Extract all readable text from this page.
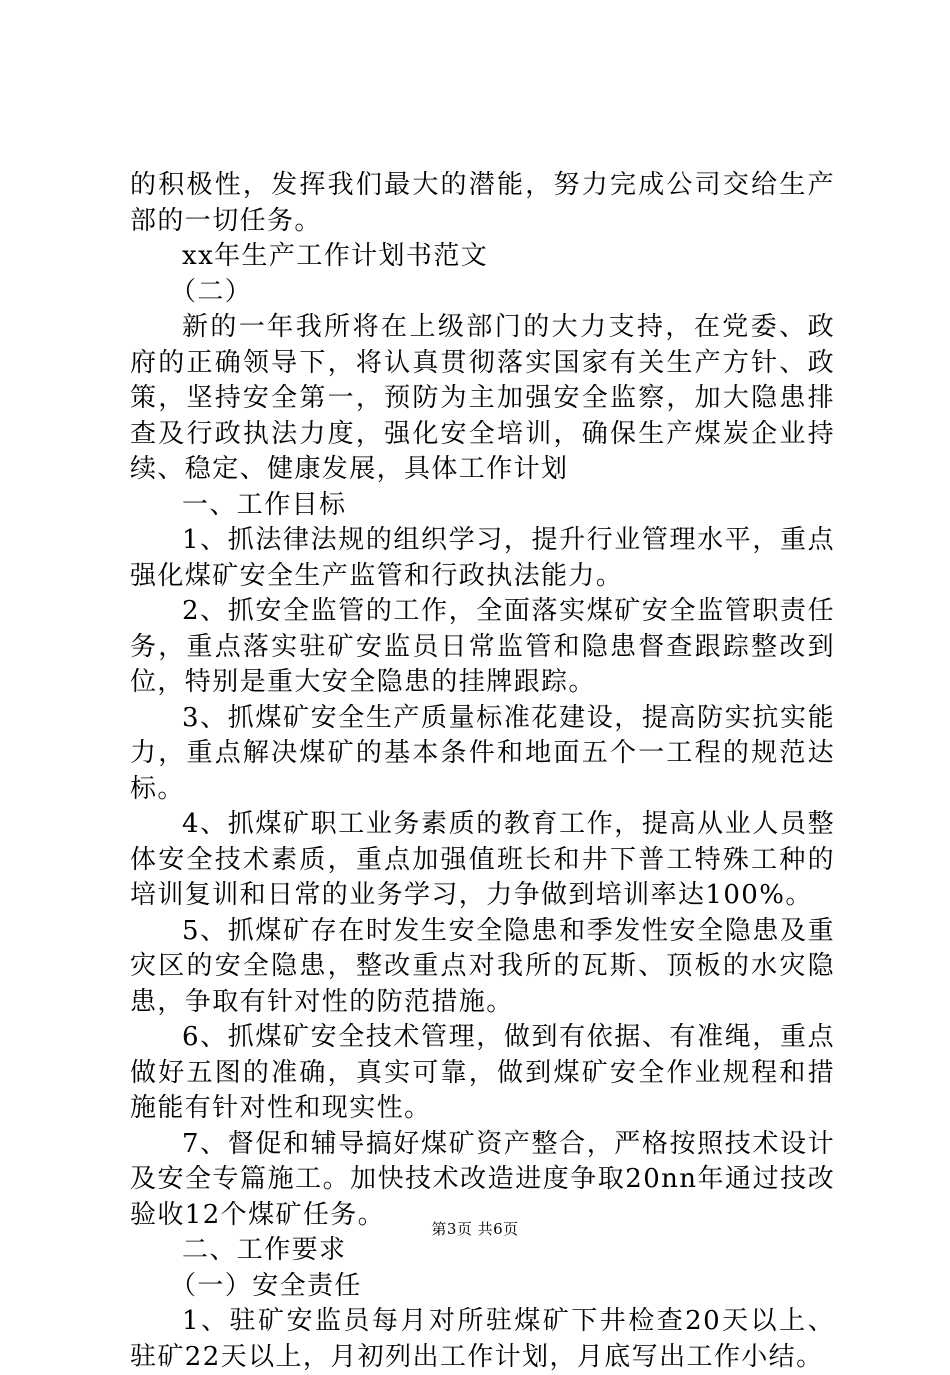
的积极性，发挥我们最大的潜能，努力完成公司交给生产部的一切任务。

xx年生产工作计划书范文

（二）

新的一年我所将在上级部门的大力支持，在党委、政府的正确领导下，将认真贯彻落实国家有关生产方针、政策，坚持安全第一，预防为主加强安全监察，加大隐患排查及行政执法力度，强化安全培训，确保生产煤炭企业持续、稳定、健康发展，具体工作计划

一、工作目标

1、抓法律法规的组织学习，提升行业管理水平，重点强化煤矿安全生产监管和行政执法能力。

2、抓安全监管的工作，全面落实煤矿安全监管职责任务，重点落实驻矿安监员日常监管和隐患督查跟踪整改到位，特别是重大安全隐患的挂牌跟踪。

3、抓煤矿安全生产质量标准花建设，提高防实抗实能力，重点解决煤矿的基本条件和地面五个一工程的规范达标。

4、抓煤矿职工业务素质的教育工作，提高从业人员整体安全技术素质，重点加强值班长和井下普工特殊工种的培训复训和日常的业务学习，力争做到培训率达100%。

5、抓煤矿存在时发生安全隐患和季发性安全隐患及重灾区的安全隐患，整改重点对我所的瓦斯、顶板的水灾隐患，争取有针对性的防范措施。

6、抓煤矿安全技术管理，做到有依据、有准绳，重点做好五图的准确，真实可靠，做到煤矿安全作业规程和措施能有针对性和现实性。

7、督促和辅导搞好煤矿资产整合，严格按照技术设计及安全专篇施工。加快技术改造进度争取20nn年通过技改验收12个煤矿任务。

二、工作要求

（一）安全责任

1、驻矿安监员每月对所驻煤矿下井检查20天以上、驻矿22天以上，月初列出工作计划，月底写出工作小结。

第3页 共6页
